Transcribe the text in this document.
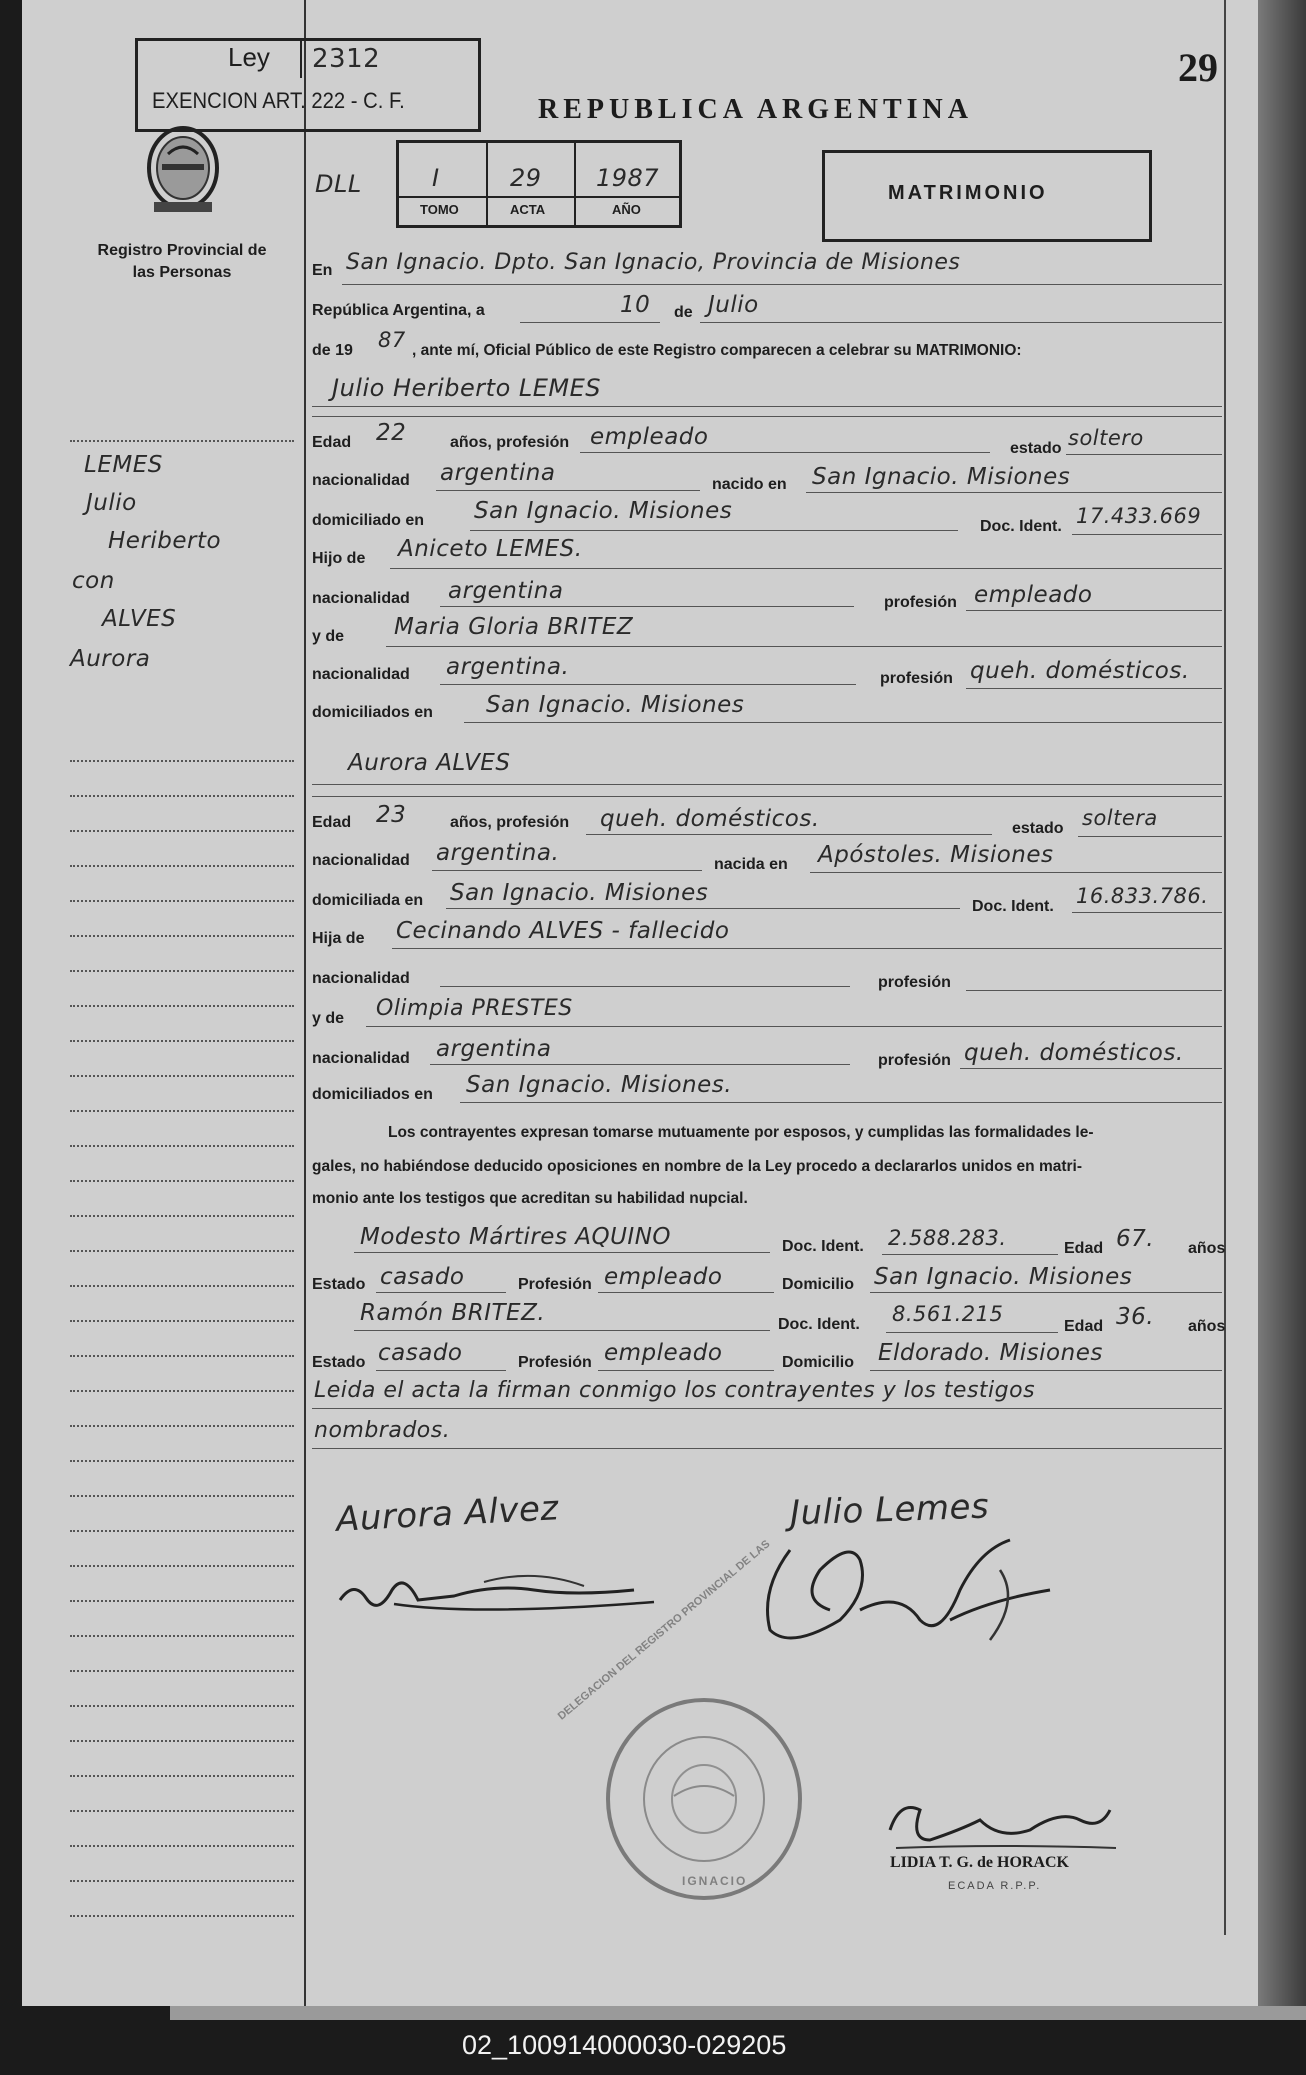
Ley 2312
EXENCION ART. 222 - C. F.
29
REPUBLICA ARGENTINA
Registro Provincial de las Personas
DLL	I	29 1987
TOMO	ACTA	AÑO
MATRIMONIO
LEMES
Julio
Heriberto
con
ALVES
Aurora
En San Ignacio. Dpto. San Ignacio, Provincia de Misiones
República Argentina, a	10 de Julio
de 19 87 , ante mí, Oficial Público de este Registro comparecen a celebrar su MATRIMONIO:
Julio Heriberto LEMES
Edad 22	años, profesión empleado	estado soltero
nacionalidad argentina	nacido en San Ignacio. Misiones
domiciliado en San Ignacio. Misiones
Doc. Ident. 17.433.669
Hijo de Aniceto LEMES.
nacionalidad argentina	profesión empleado
y de Maria Gloria BRITEZ
nacionalidad argentina.	profesión queh. domésticos.
domiciliados en San Ignacio. Misiones
Aurora ALVES
Edad 23	años, profesión queh. domésticos.	estado soltera
nacionalidad argentina.	nacida en Apóstoles. Misiones
domiciliada en San Ignacio. Misiones
Doc. Ident. 16.833.786.
Hija de Cecinando ALVES - fallecido
nacionalidad	profesión
y de Olimpia PRESTES
nacionalidad argentina	profesión queh. domésticos.
domiciliados en San Ignacio. Misiones.
Los contrayentes expresan tomarse mutuamente por esposos, y cumplidas las formalidades le-
gales, no habiéndose deducido oposiciones en nombre de la Ley procedo a declararlos unidos en matri-
monio ante los testigos que acreditan su habilidad nupcial.
Modesto Mártires AQUINO	Doc. Ident. 2.588.283.	Edad 67. años
Estado casado	Profesión empleado	Domicilio San Ignacio. Misiones
Ramón BRITEZ.	Doc. Ident. 8.561.215
Edad 36. años
Estado casado	Profesión empleado	Domicilio Eldorado. Misiones
Leida el acta la firman conmigo los contrayentes y los testigos
nombrados.
Aurora Alvez	Julio Lemes
DELEGACION DEL REGISTRO PROVINCIAL DE LAS
IGNACIO
LIDIA T. G. de HORACK
ECADA R.P.P.
02_100914000030-029205
